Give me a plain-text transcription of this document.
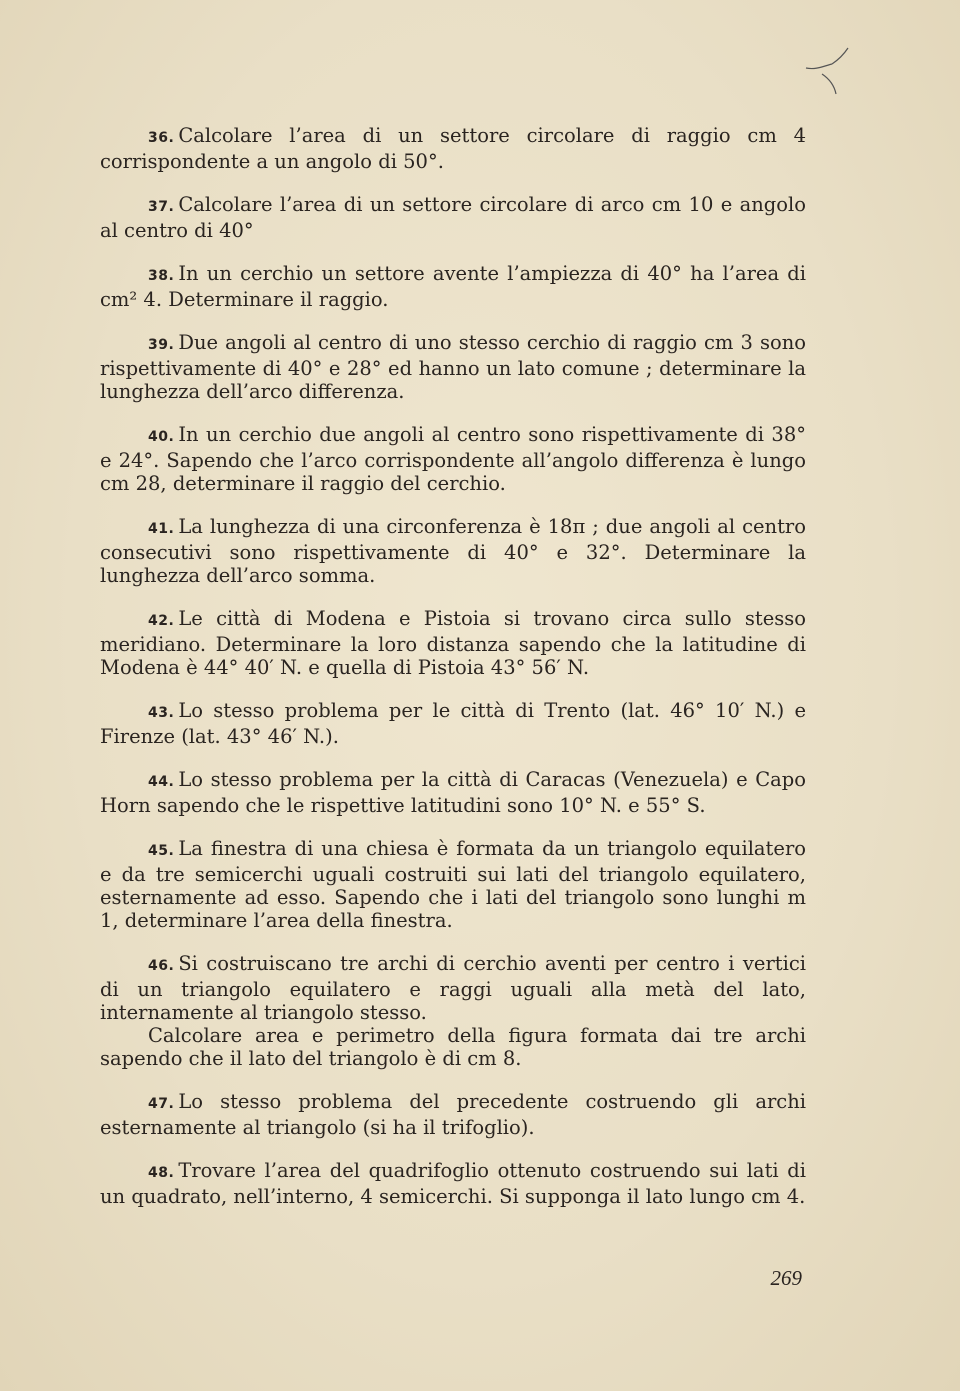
36. Calcolare l’area di un settore circolare di raggio cm 4 corrispondente a un angolo di 50°.

37. Calcolare l’area di un settore circolare di arco cm 10 e angolo al centro di 40°

38. In un cerchio un settore avente l’ampiezza di 40° ha l’area di cm² 4. Determinare il raggio.

39. Due angoli al centro di uno stesso cerchio di raggio cm 3 sono rispettivamente di 40° e 28° ed hanno un lato comune ; determinare la lunghezza dell’arco differenza.

40. In un cerchio due angoli al centro sono rispettivamente di 38° e 24°. Sapendo che l’arco corrispondente all’angolo differenza è lungo cm 28, determinare il raggio del cerchio.

41. La lunghezza di una circonferenza è 18π ; due angoli al centro consecutivi sono rispettivamente di 40° e 32°. Determinare la lunghezza dell’arco somma.

42. Le città di Modena e Pistoia si trovano circa sullo stesso meridiano. Determinare la loro distanza sapendo che la latitudine di Modena è 44° 40′ N. e quella di Pistoia 43° 56′ N.

43. Lo stesso problema per le città di Trento (lat. 46° 10′ N.) e Firenze (lat. 43° 46′ N.).

44. Lo stesso problema per la città di Caracas (Venezuela) e Capo Horn sapendo che le rispettive latitudini sono 10° N. e 55° S.

45. La finestra di una chiesa è formata da un triangolo equilatero e da tre semicerchi uguali costruiti sui lati del triangolo equilatero, esternamente ad esso. Sapendo che i lati del triangolo sono lunghi m 1, determinare l’area della finestra.

46. Si costruiscano tre archi di cerchio aventi per centro i vertici di un triangolo equilatero e raggi uguali alla metà del lato, internamente al triangolo stesso.

Calcolare area e perimetro della figura formata dai tre archi sapendo che il lato del triangolo è di cm 8.

47. Lo stesso problema del precedente costruendo gli archi esternamente al triangolo (si ha il trifoglio).

48. Trovare l’area del quadrifoglio ottenuto costruendo sui lati di un quadrato, nell’interno, 4 semicerchi. Si supponga il lato lungo cm 4.

269
